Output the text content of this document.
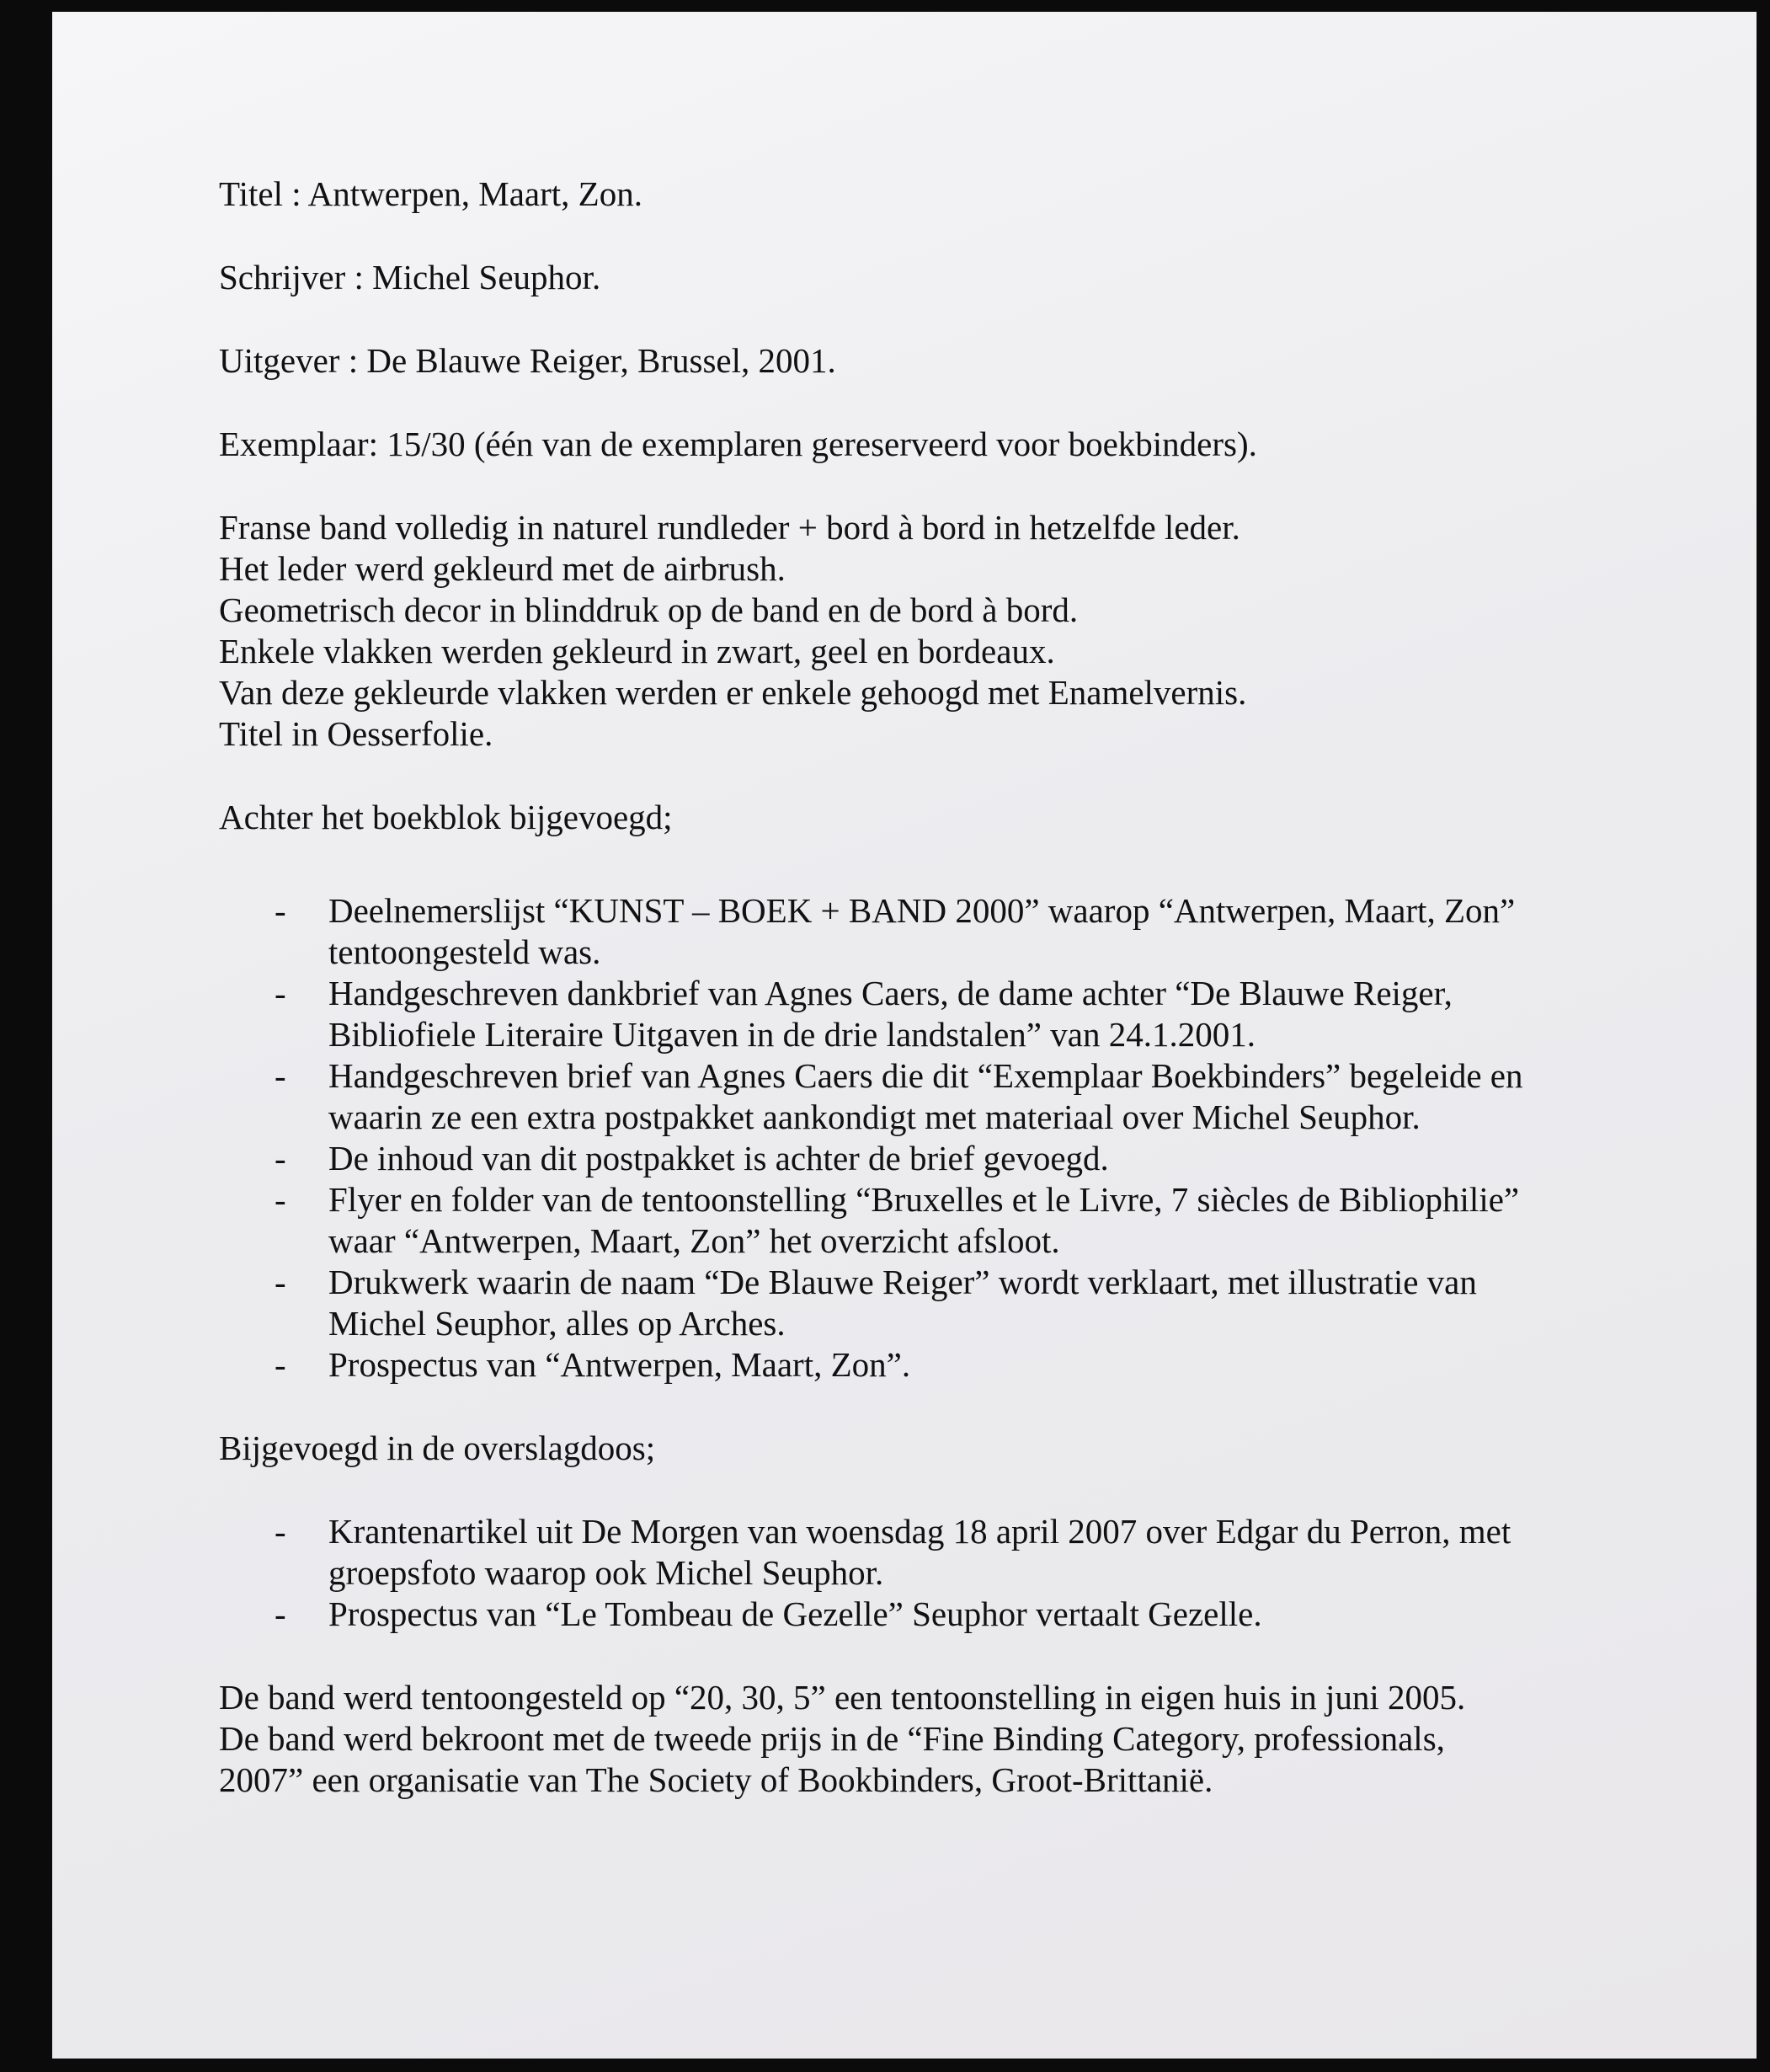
Titel : Antwerpen, Maart, Zon.

Schrijver : Michel Seuphor.

Uitgever : De Blauwe Reiger, Brussel, 2001.

Exemplaar: 15/30 (één van de exemplaren gereserveerd voor boekbinders).

Franse band volledig in naturel rundleder + bord à bord in hetzelfde leder.

Het leder werd gekleurd met de airbrush.

Geometrisch decor in blinddruk op de band en de bord à bord.

Enkele vlakken werden gekleurd in zwart, geel en bordeaux.

Van deze gekleurde vlakken werden er enkele gehoogd met Enamelvernis.

Titel in Oesserfolie.

Achter het boekblok bijgevoegd;

- Deelnemerslijst “KUNST – BOEK + BAND 2000” waarop “Antwerpen, Maart, Zon”
tentoongesteld was.
- Handgeschreven dankbrief van Agnes Caers, de dame achter “De Blauwe Reiger,
Bibliofiele Literaire Uitgaven in de drie landstalen” van 24.1.2001.
- Handgeschreven brief van Agnes Caers die dit “Exemplaar Boekbinders” begeleide en
waarin ze een extra postpakket aankondigt met materiaal over Michel Seuphor.
- De inhoud van dit postpakket is achter de brief gevoegd.
- Flyer en folder van de tentoonstelling “Bruxelles et le Livre, 7 siècles de Bibliophilie”
waar “Antwerpen, Maart, Zon” het overzicht afsloot.
- Drukwerk waarin de naam “De Blauwe Reiger” wordt verklaart, met illustratie van
Michel Seuphor, alles op Arches.
- Prospectus van “Antwerpen, Maart, Zon”.

Bijgevoegd in de overslagdoos;

- Krantenartikel uit De Morgen van woensdag 18 april 2007 over Edgar du Perron, met
groepsfoto waarop ook Michel Seuphor.
- Prospectus van “Le Tombeau de Gezelle” Seuphor vertaalt Gezelle.

De band werd tentoongesteld op “20, 30, 5” een tentoonstelling in eigen huis in juni 2005.

De band werd bekroont met de tweede prijs in de “Fine Binding Category, professionals,

2007” een organisatie van The Society of Bookbinders, Groot-Brittanië.
